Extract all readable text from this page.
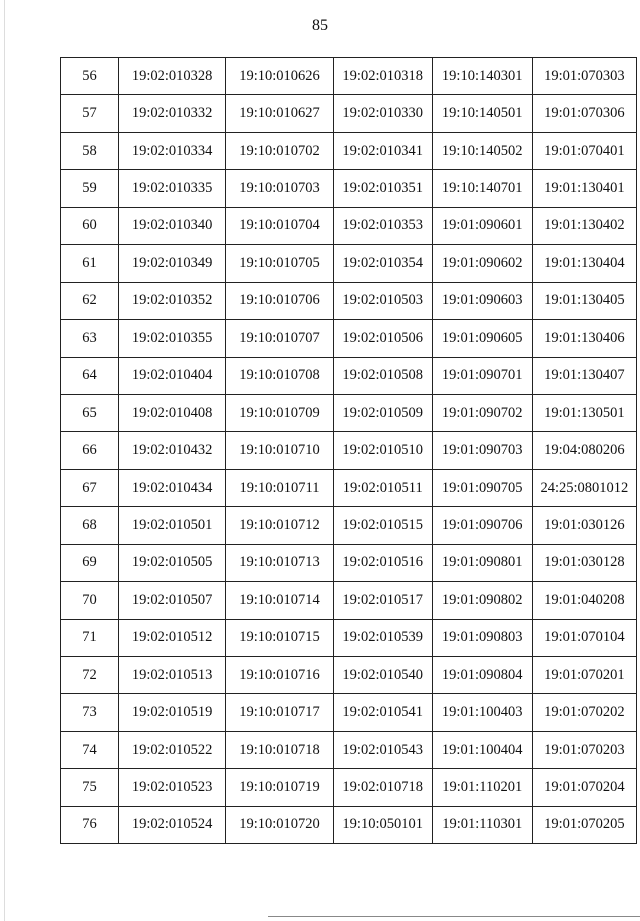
85
56	19:02:010328	19:10:010626	19:02:010318	19:10:140301	19:01:070303
57	19:02:010332	19:10:010627	19:02:010330	19:10:140501	19:01:070306
58	19:02:010334	19:10:010702	19:02:010341	19:10:140502	19:01:070401
59	19:02:010335	19:10:010703	19:02:010351	19:10:140701	19:01:130401
60	19:02:010340	19:10:010704	19:02:010353	19:01:090601	19:01:130402
61	19:02:010349	19:10:010705	19:02:010354	19:01:090602	19:01:130404
62	19:02:010352	19:10:010706	19:02:010503	19:01:090603	19:01:130405
63	19:02:010355	19:10:010707	19:02:010506	19:01:090605	19:01:130406
64	19:02:010404	19:10:010708	19:02:010508	19:01:090701	19:01:130407
65	19:02:010408	19:10:010709	19:02:010509	19:01:090702	19:01:130501
66	19:02:010432	19:10:010710	19:02:010510	19:01:090703	19:04:080206
67	19:02:010434	19:10:010711	19:02:010511	19:01:090705	24:25:0801012
68	19:02:010501	19:10:010712	19:02:010515	19:01:090706	19:01:030126
69	19:02:010505	19:10:010713	19:02:010516	19:01:090801	19:01:030128
70	19:02:010507	19:10:010714	19:02:010517	19:01:090802	19:01:040208
71	19:02:010512	19:10:010715	19:02:010539	19:01:090803	19:01:070104
72	19:02:010513	19:10:010716	19:02:010540	19:01:090804	19:01:070201
73	19:02:010519	19:10:010717	19:02:010541	19:01:100403	19:01:070202
74	19:02:010522	19:10:010718	19:02:010543	19:01:100404	19:01:070203
75	19:02:010523	19:10:010719	19:02:010718	19:01:110201	19:01:070204
76	19:02:010524	19:10:010720	19:10:050101	19:01:110301	19:01:070205
